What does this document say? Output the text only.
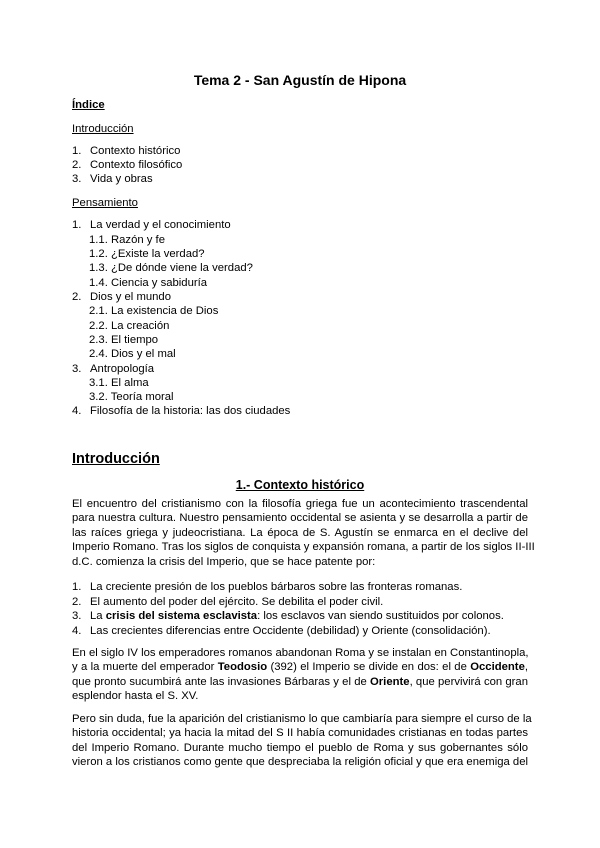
Tema 2 - San Agustín de Hipona
Índice
Introducción
1. Contexto histórico
2. Contexto filosófico
3. Vida y obras
Pensamiento
1. La verdad y el conocimiento
1.1. Razón y fe
1.2. ¿Existe la verdad?
1.3. ¿De dónde viene la verdad?
1.4. Ciencia y sabiduría
2. Dios y el mundo
2.1. La existencia de Dios
2.2. La creación
2.3. El tiempo
2.4. Dios y el mal
3. Antropología
3.1. El alma
3.2. Teoría moral
4. Filosofía de la historia: las dos ciudades
Introducción
1.- Contexto histórico
El encuentro del cristianismo con la filosofía griega fue un acontecimiento trascendental
para nuestra cultura. Nuestro pensamiento occidental se asienta y se desarrolla a partir de
las raíces griega y judeocristiana. La época de S. Agustín se enmarca en el declive del
Imperio Romano. Tras los siglos de conquista y expansión romana, a partir de los siglos II-III
d.C. comienza la crisis del Imperio, que se hace patente por:
1. La creciente presión de los pueblos bárbaros sobre las fronteras romanas.
2. El aumento del poder del ejército. Se debilita el poder civil.
3. La crisis del sistema esclavista: los esclavos van siendo sustituidos por colonos.
4. Las crecientes diferencias entre Occidente (debilidad) y Oriente (consolidación).
En el siglo IV los emperadores romanos abandonan Roma y se instalan en Constantinopla,
y a la muerte del emperador Teodosio (392) el Imperio se divide en dos: el de Occidente,
que pronto sucumbirá ante las invasiones Bárbaras y el de Oriente, que pervivirá con gran
esplendor hasta el S. XV.
Pero sin duda, fue la aparición del cristianismo lo que cambiaría para siempre el curso de la
historia occidental; ya hacia la mitad del S II había comunidades cristianas en todas partes
del Imperio Romano. Durante mucho tiempo el pueblo de Roma y sus gobernantes sólo
vieron a los cristianos como gente que despreciaba la religión oficial y que era enemiga del
